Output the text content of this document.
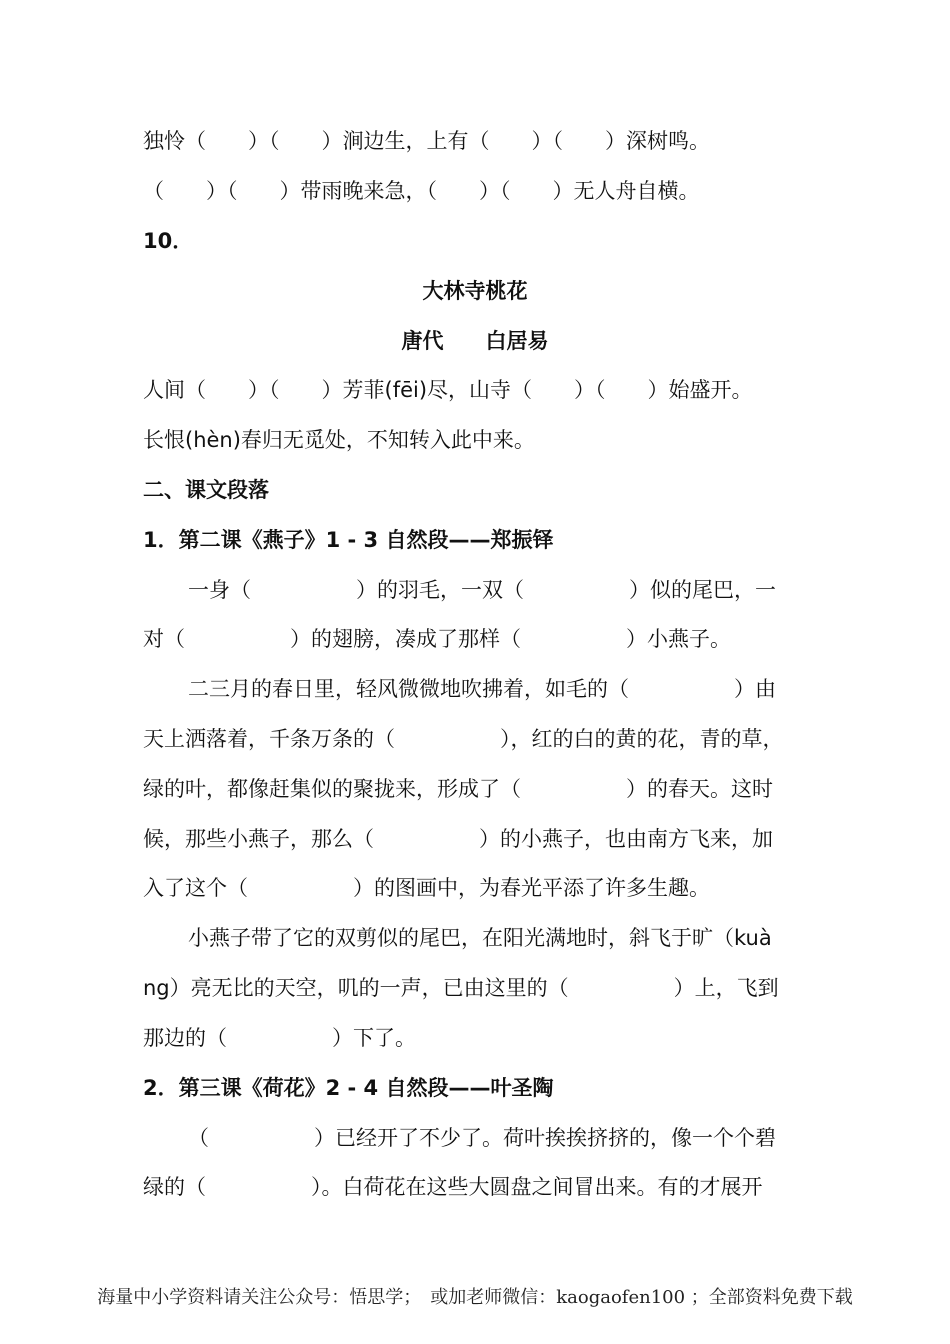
独怜（　　）（　　）涧边生，上有（　　）（　　）深树鸣。
（　　）（　　）带雨晚来急，（　　）（　　）无人舟自横。
10．
大林寺桃花
唐代　　白居易
人间（　　）（　　）芳菲(fēi)尽，山寺（　　）（　　）始盛开。
长恨(hèn)春归无觅处，不知转入此中来。
二、课文段落
1．第二课《燕子》1 - 3 自然段——郑振铎
一身（　　　　　）的羽毛，一双（　　　　　）似的尾巴，一
对（　　　　　）的翅膀，凑成了那样（　　　　　）小燕子。
二三月的春日里，轻风微微地吹拂着，如毛的（　　　　　）由
天上洒落着，千条万条的（　　　　　），红的白的黄的花，青的草，
绿的叶，都像赶集似的聚拢来，形成了（　　　　　）的春天。这时
候，那些小燕子，那么（　　　　　）的小燕子，也由南方飞来，加
入了这个（　　　　　）的图画中，为春光平添了许多生趣。
小燕子带了它的双剪似的尾巴，在阳光满地时，斜飞于旷（kuà
ng）亮无比的天空，叽的一声，已由这里的（　　　　　）上，飞到
那边的（　　　　　）下了。
2．第三课《荷花》2 - 4 自然段——叶圣陶
（　　　　　）已经开了不少了。荷叶挨挨挤挤的，像一个个碧
绿的（　　　　　）。白荷花在这些大圆盘之间冒出来。有的才展开
海量中小学资料请关注公众号：悟思学；　或加老师微信：kaogaofen100 ；全部资料免费下载
